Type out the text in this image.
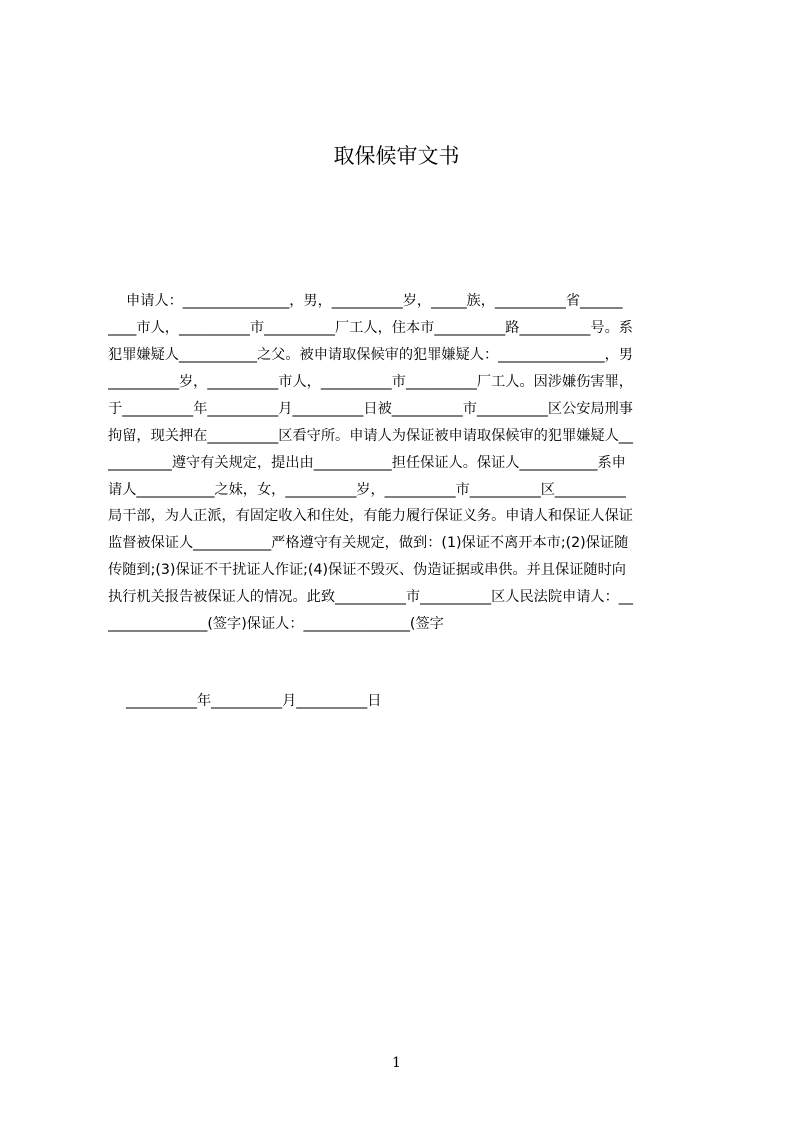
取保候审文书
申请人：_______________，男，__________岁，_____族，__________省______
____市人，__________市__________厂工人，住本市__________路__________号。系
犯罪嫌疑人___________之父。被申请取保候审的犯罪嫌疑人：_______________，男
__________岁，__________市人，__________市__________厂工人。因涉嫌伤害罪，
于__________年__________月__________日被__________市__________区公安局刑事
拘留，现关押在__________区看守所。申请人为保证被申请取保候审的犯罪嫌疑人__
_________遵守有关规定，提出由___________担任保证人。保证人___________系申
请人___________之妹，女，__________岁，__________市__________区__________
局干部，为人正派，有固定收入和住处，有能力履行保证义务。申请人和保证人保证
监督被保证人___________严格遵守有关规定，做到：(1)保证不离开本市;(2)保证随
传随到;(3)保证不干扰证人作证;(4)保证不毁灭、伪造证据或串供。并且保证随时向
执行机关报告被保证人的情况。此致__________市__________区人民法院申请人：__
______________(签字)保证人：_______________(签字
__________年__________月__________日
1
